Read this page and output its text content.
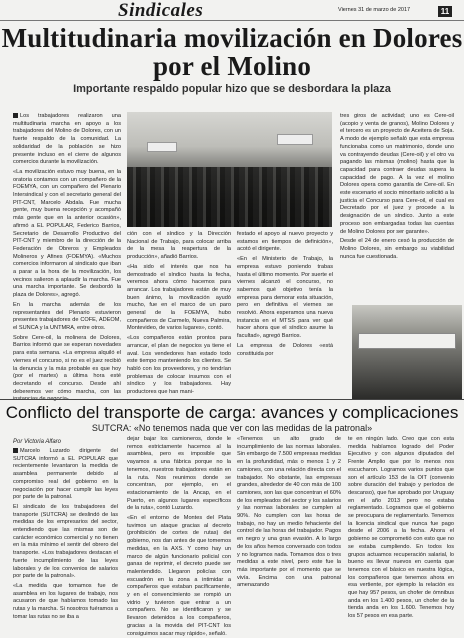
Sindicales	Viernes 31 de marzo de 2017	11
Multitudinaria movilización en Dolores por el Molino
Importante respaldo popular hizo que se desbordara la plaza

Los trabajadores realizaron una multitudinaria marcha en apoyo a los trabajadores del Molino de Dolores, con un fuerte respaldo de la comunidad. La solidaridad de la población se hizo presente incluso en el cierre de algunos comercios durante la movilización.

«La movilización estuvo muy buena, en la oratoria contamos con un compañero de la FOEMYA, con un compañero del Plenario Intersindical y con el secretario general del PIT-CNT, Marcelo Abdala. Fue mucha gente, muy buena recepción y acompañó más gente que en la anterior ocasión», afirmó a EL POPULAR, Federico Barrios, Secretario de Desarrollo Productivo del PIT-CNT y miembro de la dirección de la Federación de Obreros y Empleados Molineros y Afines (FOEMYA). «Muchos comercios informaron al sindicato que iban a parar a la hora de la movilización, los vecinos salieron a aplaudir la marcha. Fue una marcha importante. Se desbordó la plaza de Dolores», agregó.

En la marcha además de los representantes del Plenario estuvieron presentes trabajadores de COFE, ADEOM, el SUNCA y la UNTMRA, entre otros.

Sobre Cere-oil, la molinera de Dolores, Barrios informó que se esperan novedades para esta semana. «La empresa alquiló el viernes el concurso, si no es el juez recibió la denuncia y la más probable es que hoy (por el martes) a última hora esté decretando el concurso. Desde ahí deberemos ver cómo marcha, con las

ción con el síndico y la Dirección Nacional de Trabajo, para colocar arriba de la mesa la reapertura de la producción», añadió Barrios.

«Ha sido el interés que nos ha demostrado el síndico hasta la fecha, veremos ahora cómo hacemos para arrancar. Los trabajadores están de muy buen ánimo, la movilización ayudó mucho, fue en el marco de un paro general de la FOEMYA, hubo compañeros de Carmelo, Nueva Palmira, Montevideo, de varios lugares», contó.

«Los compañeros están prontos para arrancar, el plan de negocios ya tiene el aval. Los vendedores han estado todo este tiempo manteniendo los clientes. Se habló con los proveedores, y no tendrían problemas de colocar insumos con el síndico y los trabajadores. Hay productores que han mani-

festado el apoyo al nuevo proyecto y estamos en tiempos de definición», acotó el dirigente.

«En el Ministerio de Trabajo, la empresa estuvo poniendo trabas hasta el último momento. Por suerte el viernes alcanzó el concurso, no sabemos qué objetivo tenía la empresa para demorar esta situación, pero en definitiva el viernes se resolvió. Ahora esperamos una nueva instancia en el MTSS para ver qué hacer ahora que el síndico asume la facultad», agregó Barrios.

La empresa de Dolores «está constituida por

tres giros de actividad; uno es Cere-oil (acopio y venta de granos), Molino Dolores y el tercero es un proyecto de Aceitera de Soja. A modo de ejemplo señaló que esta empresa funcionaba como un matrimonio, donde uno va contrayendo deudas (Cere-oil) y el otro va pagando las mismas (molino) hasta que la capacidad para contraer deudas supera la capacidad de pago. A la vez el molino Dolores opera como garantía de Cere-oil. En este escenario el socio minoritario solicitó a la justicia el Concurso para Cere-oil, el cual es Decretado por el juez y procede a la designación de un síndico. Junto a este proceso son embargadas todas las cuentas de Molino Dolores por ser garante».

Desde el 24 de enero cesó la producción de Molino Dolores, sin embargo su viabilidad nunca fue cuestionada.

Conflicto del transporte de carga: avances y complicaciones
SUTCRA: «No tenemos nada que ver con las medidas de la patronal»
Por Victoria Alfaro

Marcelo Luzardo dirigente del SUTCRA informó a EL POPULAR que recientemente levantaron la medida de asamblea permanente debido al compromiso real del gobierno en la negociación por hacer cumplir las leyes por parte de la patronal.

El sindicato de los trabajadores del transporte (SUTCRA) se deslindó de las medidas de los empresarios del sector, entendiendo que las mismas son de carácter económico comercial y no tienen en la más mínimo el sentir del obrero del transporte. «Los trabajadores destacan el fuerte incumplimiento de las leyes laborales y de los convenios de salarios por parte de la patronal».

«La medida que tomamos fue de asamblea en los lugares de trabajo, nos acusaron de que habíamos tomado las rutas y la marcha. Si nosotros fuéramos a tomar las rutas no se iba a

dejar bajar los camioneros, donde le remos estrictamente hacemos al la asamblea, pero es imposible que vayamos a una fábrica porque no la tenemos, nuestros trabajadores están en la ruta. Nos reunimos donde se concentran, por ejemplo, en el estacionamiento de la Ancap, en el Puerto, en algunos lugares específicos de la ruta», contó Luzardo.

«En el entorno de Montes del Plata tuvimos un ataque gracias al decreto (prohibición de cortes de rutas) del gobierno, nos dan antes de que tomemos medidas, en la AXS. Y como hay un marco de algún funcionario policial con ganas de reprimir, el decreto puede ser malentendido. Llegaron policías con escuadrón en la zona a intimidar a compañeros que estaban pacíficamente, y en el convencimiento se rompió un vidrio y tuvieron que entrar a un compañero. No se identificaron y se llevaron detenidos a los compañeros, gracias a la movida del PIT-CNT los consiguimos sacar muy rápido», señaló.

«Tenemos un alto grado de incumplimiento de las normas laborales. Sin embargo de 7.500 empresas medidas en la profundidad, más o menos 1 y 2 camiones, con una relación directa con el trabajador. No obstante, las empresas grandes, alrededor de 40 con más de 100 camiones, son las que concentran el 60% de los empleados del sector y los salarios y las normas laborales se cumplen al 90%. No cumplen con las horas de trabajo, no hay un medio fehaciente del control de las horas del trabajador. Pagos en negro y una gran evasión. A lo largo de los años hemos conversado con todos y no logramos nada. Tomamos dos o tres medidas a este nivel, pero este fue la más importante por el momento que se vivía. Encima con una patronal amenazando

te en ningún lado. Creo que con esta medida habíamos logrado del Poder Ejecutivo y con algunos diputados del Frente Amplio que por lo menos nos escucharon. Logramos varios puntos que son el artículo 153 de la OIT (convenio sobre duración del trabajo y períodos de descanso), que fue aprobado por Uruguay en el año 2013 pero no estaba reglamentado. Logramos que el gobierno se preocupara de reglamentarlo. Tenemos la licencia sindical que nunca fue pago desde el 2006 a la fecha. Ahora el gobierno se comprometió con esto que no se estaba cumpliendo. En todos los grupos actuamos recuperación salarial, lo bueno es llevar nuevos en cuenta que tenemos con el básico en nuestra lógica, los compañeros que tenemos ahora en esa vertiente, por ejemplo la relación es que hay 957 pesos, un chofer de ómnibus anda en los 1.400 pesos, un chofer de la tienda anda en los 1.600. Tenemos hoy los 57 pesos en esa parte.
